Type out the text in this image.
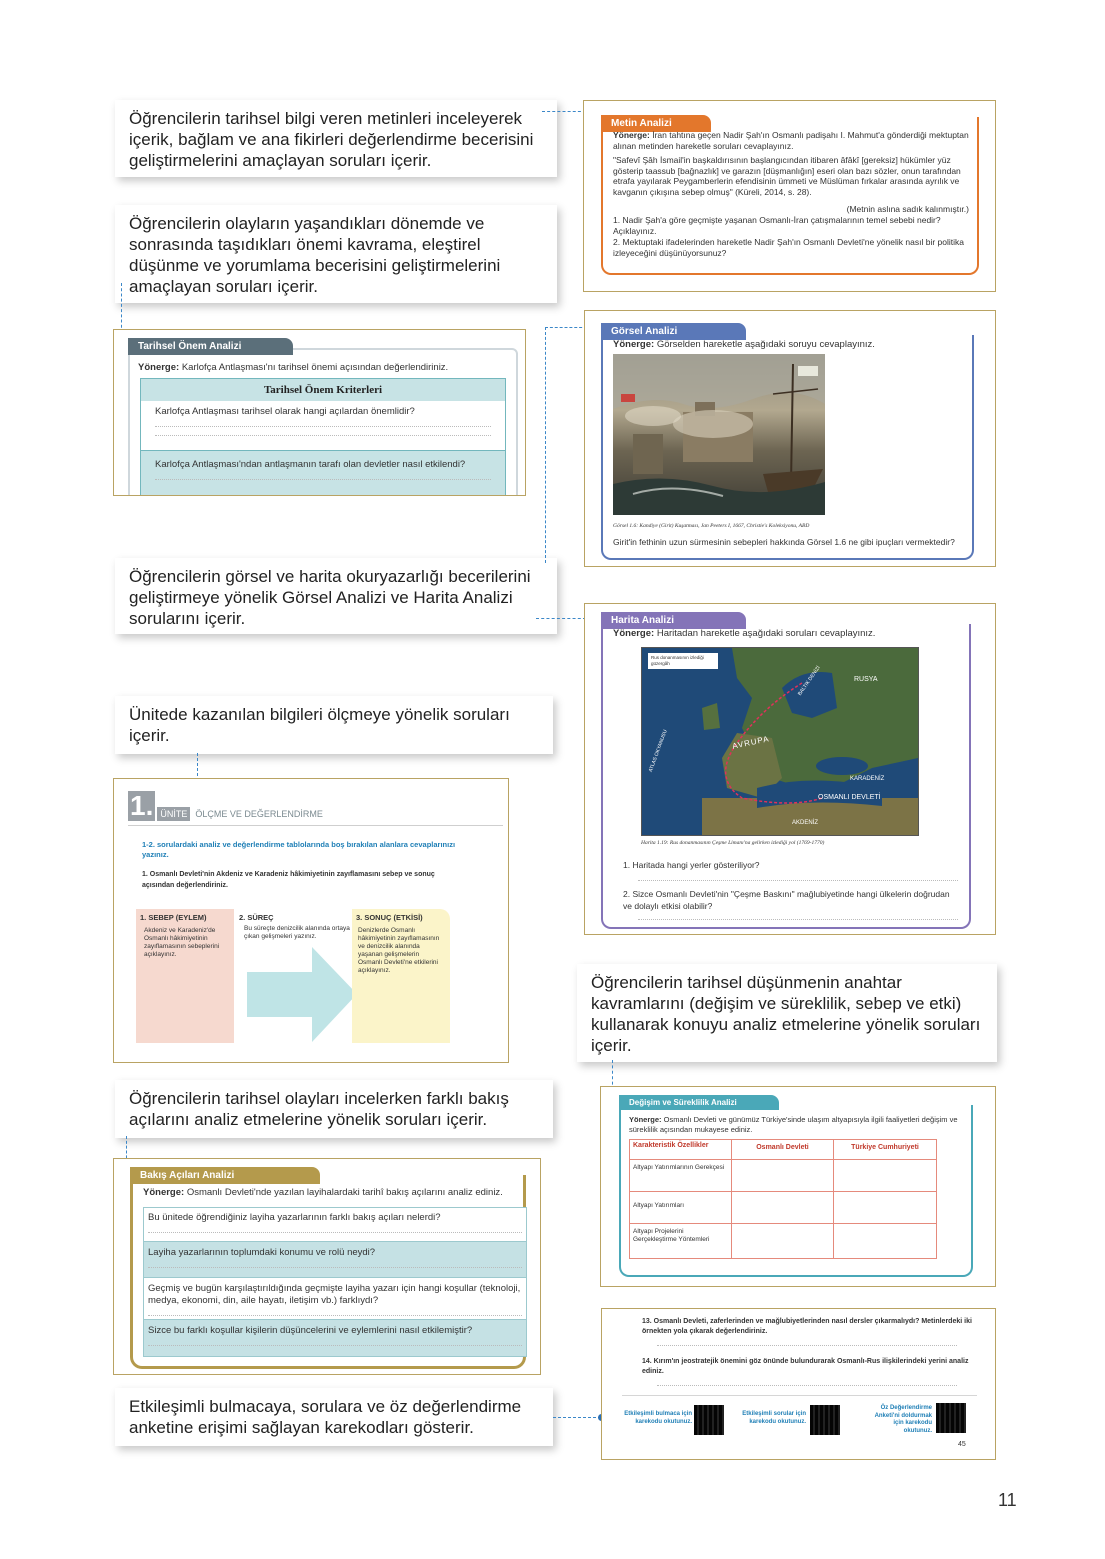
Öğrencilerin tarihsel bilgi veren metinleri inceleyerek içerik, bağlam ve ana fikirleri değerlendirme becerisini geliştirmelerini amaçlayan soruları içerir.
Öğrencilerin olayların yaşandıkları dönemde ve sonrasında taşıdıkları önemi kavrama, eleştirel düşünme ve yorumlama becerisini geliştirmelerini amaçlayan soruları içerir.
Öğrencilerin görsel ve harita okuryazarlığı becerilerini geliştirmeye yönelik Görsel Analizi ve Harita Analizi sorularını içerir.
Ünitede kazanılan bilgileri ölçmeye yönelik soruları içerir.
Öğrencilerin tarihsel düşünmenin anahtar kavramlarını (değişim ve süreklilik, sebep ve etki) kullanarak konuyu analiz etmelerine yönelik soruları içerir.
Öğrencilerin tarihsel olayları incelerken farklı bakış açılarını analiz etmelerine yönelik soruları içerir.
Etkileşimli bulmacaya, sorulara ve öz değerlendirme anketine erişimi sağlayan karekodları gösterir.
Metin Analizi
Yönerge: İran tahtına geçen Nadir Şah'ın Osmanlı padişahı I. Mahmut'a gönderdiği mektuptan alınan metinden hareketle soruları cevaplayınız.
"Safevî Şâh İsmail'in başkaldırısının başlangıcından itibaren âfâkî [gereksiz] hükümler yüz gösterip taassub [bağnazlık] ve garazın [düşmanlığın] eseri olan bazı sözler, onun tarafından etrafa yayılarak Peygamberlerin efendisinin ümmeti ve Müslüman fırkalar arasında ayrılık ve kavganın çıkışına sebep olmuş" (Küreli, 2014, s. 28).
(Metnin aslına sadık kalınmıştır.)
1. Nadir Şah'a göre geçmişte yaşanan Osmanlı-İran çatışmalarının temel sebebi nedir? Açıklayınız.
2. Mektuptaki ifadelerinden hareketle Nadir Şah'ın Osmanlı Devleti'ne yönelik nasıl bir politika izleyeceğini düşünüyorsunuz?
Tarihsel Önem Analizi
Yönerge: Karlofça Antlaşması'nı tarihsel önemi açısından değerlendiriniz.
Tarihsel Önem Kriterleri
Karlofça Antlaşması tarihsel olarak hangi açılardan önemlidir?
Karlofça Antlaşması'ndan antlaşmanın tarafı olan devletler nasıl etkilendi?
Görsel Analizi
Yönerge: Görselden hareketle aşağıdaki soruyu cevaplayınız.
Görsel 1.6: Kandiye (Girit) Kuşatması, Jan Peeters I, 1667, Christie's Koleksiyonu, ABD
Girit'in fethinin uzun sürmesinin sebepleri hakkında Görsel 1.6 ne gibi ipuçları vermektedir?
Harita Analizi
Yönerge: Haritadan hareketle aşağıdaki soruları cevaplayınız.
Rus donanmasının izlediği güzergâh
RUSYA
BALTIK DENİZİ
AVRUPA
ATLAS OKYANUSU
KARADENİZ
OSMANLI DEVLETİ
AKDENİZ
Harita 1.19: Rus donanmasının Çeşme Limanı'na gelirken izlediği yol (1769-1770)
1. Haritada hangi yerler gösteriliyor?
2. Sizce Osmanlı Devleti'nin "Çeşme Baskını" mağlubiyetinde hangi ülkelerin doğrudan ve dolaylı etkisi olabilir?
1. ÜNİTE ÖLÇME VE DEĞERLENDİRME
1-2. sorulardaki analiz ve değerlendirme tablolarında boş bırakılan alanlara cevaplarınızı yazınız.
1. Osmanlı Devleti'nin Akdeniz ve Karadeniz hâkimiyetinin zayıflamasını sebep ve sonuç açısından değerlendiriniz.
1. SEBEP (EYLEM)
Akdeniz ve Karadeniz'de Osmanlı hâkimiyetinin zayıflamasının sebeplerini açıklayınız.
2. SÜREÇ
Bu süreçte denizcilik alanında ortaya çıkan gelişmeleri yazınız.
3. SONUÇ (ETKİSİ)
Denizlerde Osmanlı hâkimiyetinin zayıflamasının ve denizcilik alanında yaşanan gelişmelerin Osmanlı Devleti'ne etkilerini açıklayınız.
Değişim ve Süreklilik Analizi
Yönerge: Osmanlı Devleti ve günümüz Türkiye'sinde ulaşım altyapısıyla ilgili faaliyetleri değişim ve süreklilik açısından mukayese ediniz.
Karakteristik Özellikler	Osmanlı Devleti	Türkiye Cumhuriyeti
Altyapı Yatırımlarının Gerekçesi
Altyapı Yatırımları
Altyapı Projelerini Gerçekleştirme Yöntemleri
Bakış Açıları Analizi
Yönerge: Osmanlı Devleti'nde yazılan layihalardaki tarihî bakış açılarını analiz ediniz.
Bu ünitede öğrendiğiniz layiha yazarlarının farklı bakış açıları nelerdi?
Layiha yazarlarının toplumdaki konumu ve rolü neydi?
Geçmiş ve bugün karşılaştırıldığında geçmişte layiha yazarı için hangi koşullar (teknoloji, medya, ekonomi, din, aile hayatı, iletişim vb.) farklıydı?
Sizce bu farklı koşullar kişilerin düşüncelerini ve eylemlerini nasıl etkilemiştir?
13. Osmanlı Devleti, zaferlerinden ve mağlubiyetlerinden nasıl dersler çıkarmalıydı? Metinlerdeki iki örnekten yola çıkarak değerlendiriniz.
14. Kırım'ın jeostratejik önemini göz önünde bulundurarak Osmanlı-Rus ilişkilerindeki yerini analiz ediniz.
Etkileşimli bulmaca için karekodu okutunuz.
Etkileşimli sorular için karekodu okutunuz.
Öz Değerlendirme Anketi'ni doldurmak için karekodu okutunuz.
45
11
